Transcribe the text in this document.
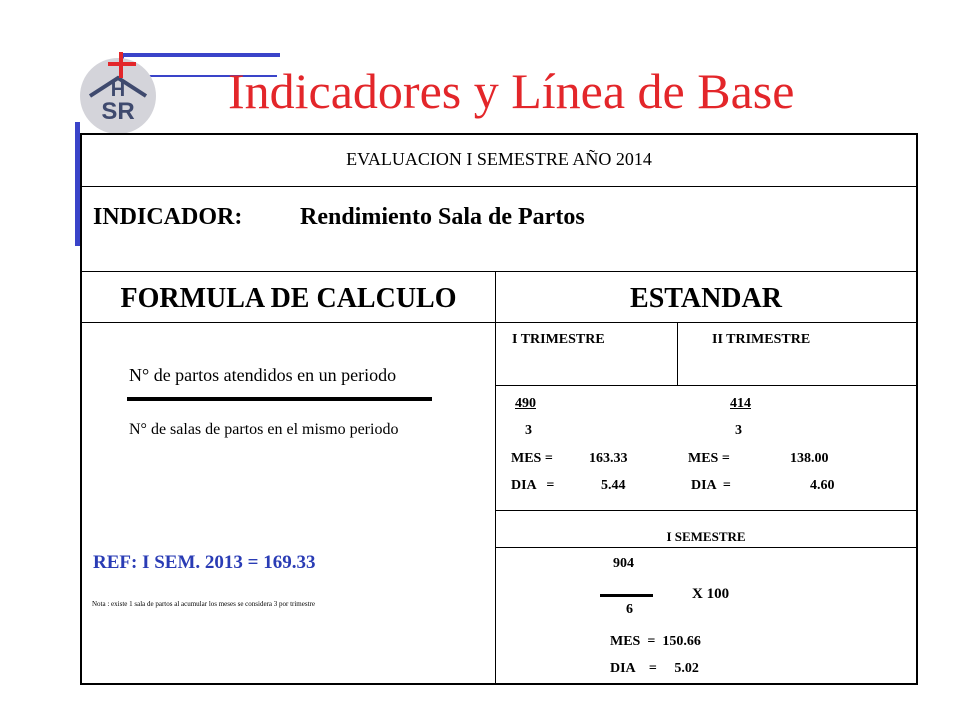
H
SR	Indicadores y Línea de Base
EVALUACION I SEMESTRE AÑO 2014
INDICADOR: Rendimiento Sala de Partos
FORMULA DE CALCULO	ESTANDAR
N° de partos atendidos en un periodo
N° de salas de partos en el mismo periodo
REF: I SEM. 2013 = 169.33
Nota : existe 1 sala de partos al acumular los meses se considera 3 por trimestre
I TRIMESTRE	II TRIMESTRE
490
3
MES =	163.33
DIA   =	5.44
414
3
MES =	138.00
DIA  =	4.60
I SEMESTRE
904
X 100
6
MES  =  150.66
DIA    =     5.02
